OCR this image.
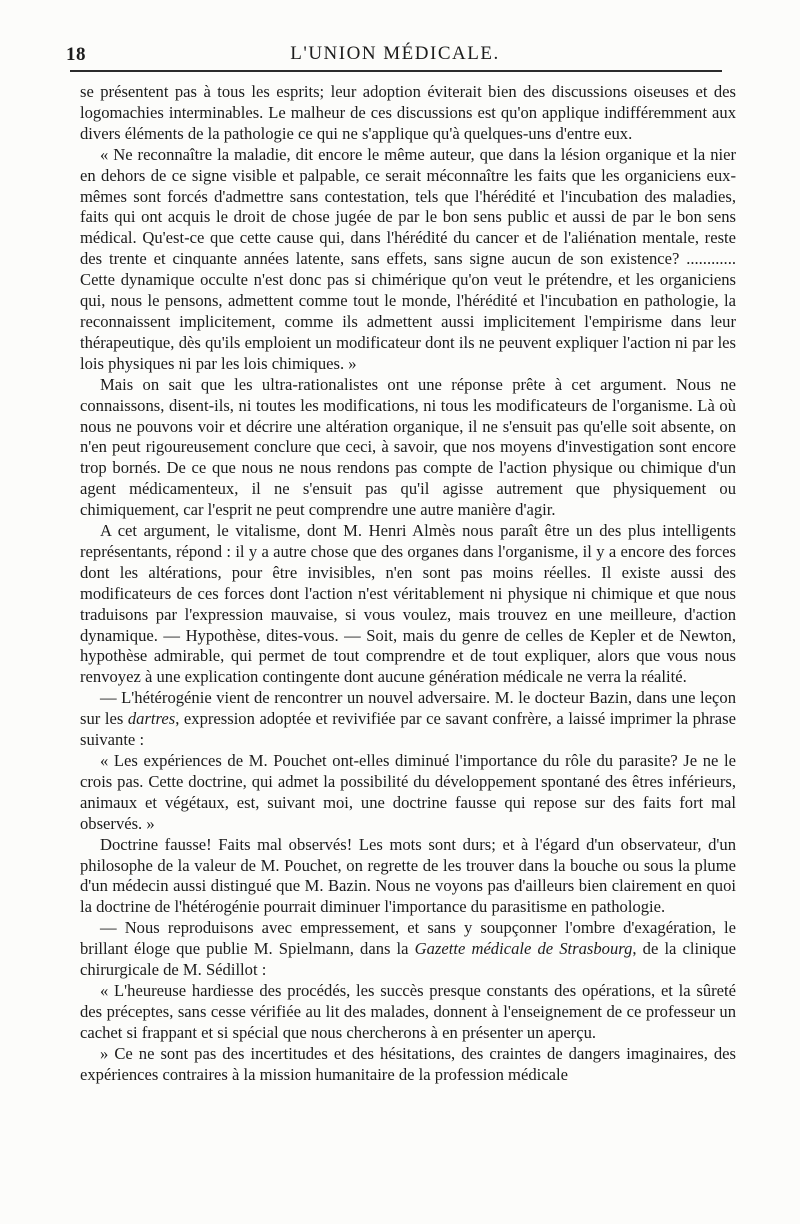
18	L'UNION MÉDICALE.

se présentent pas à tous les esprits; leur adoption éviterait bien des discussions oiseuses et des logomachies interminables. Le malheur de ces discussions est qu'on applique indifféremment aux divers éléments de la pathologie ce qui ne s'applique qu'à quelques-uns d'entre eux.

« Ne reconnaître la maladie, dit encore le même auteur, que dans la lésion organique et la nier en dehors de ce signe visible et palpable, ce serait méconnaître les faits que les organiciens eux-mêmes sont forcés d'admettre sans contestation, tels que l'hérédité et l'incubation des maladies, faits qui ont acquis le droit de chose jugée de par le bon sens public et aussi de par le bon sens médical. Qu'est-ce que cette cause qui, dans l'hérédité du cancer et de l'aliénation mentale, reste des trente et cinquante années latente, sans effets, sans signe aucun de son existence? ............ Cette dynamique occulte n'est donc pas si chimérique qu'on veut le prétendre, et les organiciens qui, nous le pensons, admettent comme tout le monde, l'hérédité et l'incubation en pathologie, la reconnaissent implicitement, comme ils admettent aussi implicitement l'empirisme dans leur thérapeutique, dès qu'ils emploient un modificateur dont ils ne peuvent expliquer l'action ni par les lois physiques ni par les lois chimiques. »

Mais on sait que les ultra-rationalistes ont une réponse prête à cet argument. Nous ne connaissons, disent-ils, ni toutes les modifications, ni tous les modificateurs de l'organisme. Là où nous ne pouvons voir et décrire une altération organique, il ne s'ensuit pas qu'elle soit absente, on n'en peut rigoureusement conclure que ceci, à savoir, que nos moyens d'investigation sont encore trop bornés. De ce que nous ne nous rendons pas compte de l'action physique ou chimique d'un agent médicamenteux, il ne s'ensuit pas qu'il agisse autrement que physiquement ou chimiquement, car l'esprit ne peut comprendre une autre manière d'agir.

A cet argument, le vitalisme, dont M. Henri Almès nous paraît être un des plus intelligents représentants, répond : il y a autre chose que des organes dans l'organisme, il y a encore des forces dont les altérations, pour être invisibles, n'en sont pas moins réelles. Il existe aussi des modificateurs de ces forces dont l'action n'est véritablement ni physique ni chimique et que nous traduisons par l'expression mauvaise, si vous voulez, mais trouvez en une meilleure, d'action dynamique. — Hypothèse, dites-vous. — Soit, mais du genre de celles de Kepler et de Newton, hypothèse admirable, qui permet de tout comprendre et de tout expliquer, alors que vous nous renvoyez à une explication contingente dont aucune génération médicale ne verra la réalité.

— L'hétérogénie vient de rencontrer un nouvel adversaire. M. le docteur Bazin, dans une leçon sur les dartres, expression adoptée et revivifiée par ce savant confrère, a laissé imprimer la phrase suivante :

« Les expériences de M. Pouchet ont-elles diminué l'importance du rôle du parasite? Je ne le crois pas. Cette doctrine, qui admet la possibilité du développement spontané des êtres inférieurs, animaux et végétaux, est, suivant moi, une doctrine fausse qui repose sur des faits fort mal observés. »

Doctrine fausse! Faits mal observés! Les mots sont durs; et à l'égard d'un observateur, d'un philosophe de la valeur de M. Pouchet, on regrette de les trouver dans la bouche ou sous la plume d'un médecin aussi distingué que M. Bazin. Nous ne voyons pas d'ailleurs bien clairement en quoi la doctrine de l'hétérogénie pourrait diminuer l'importance du parasitisme en pathologie.

— Nous reproduisons avec empressement, et sans y soupçonner l'ombre d'exagération, le brillant éloge que publie M. Spielmann, dans la Gazette médicale de Strasbourg, de la clinique chirurgicale de M. Sédillot :

« L'heureuse hardiesse des procédés, les succès presque constants des opérations, et la sûreté des préceptes, sans cesse vérifiée au lit des malades, donnent à l'enseignement de ce professeur un cachet si frappant et si spécial que nous chercherons à en présenter un aperçu.

» Ce ne sont pas des incertitudes et des hésitations, des craintes de dangers imaginaires, des expériences contraires à la mission humanitaire de la profession médicale
